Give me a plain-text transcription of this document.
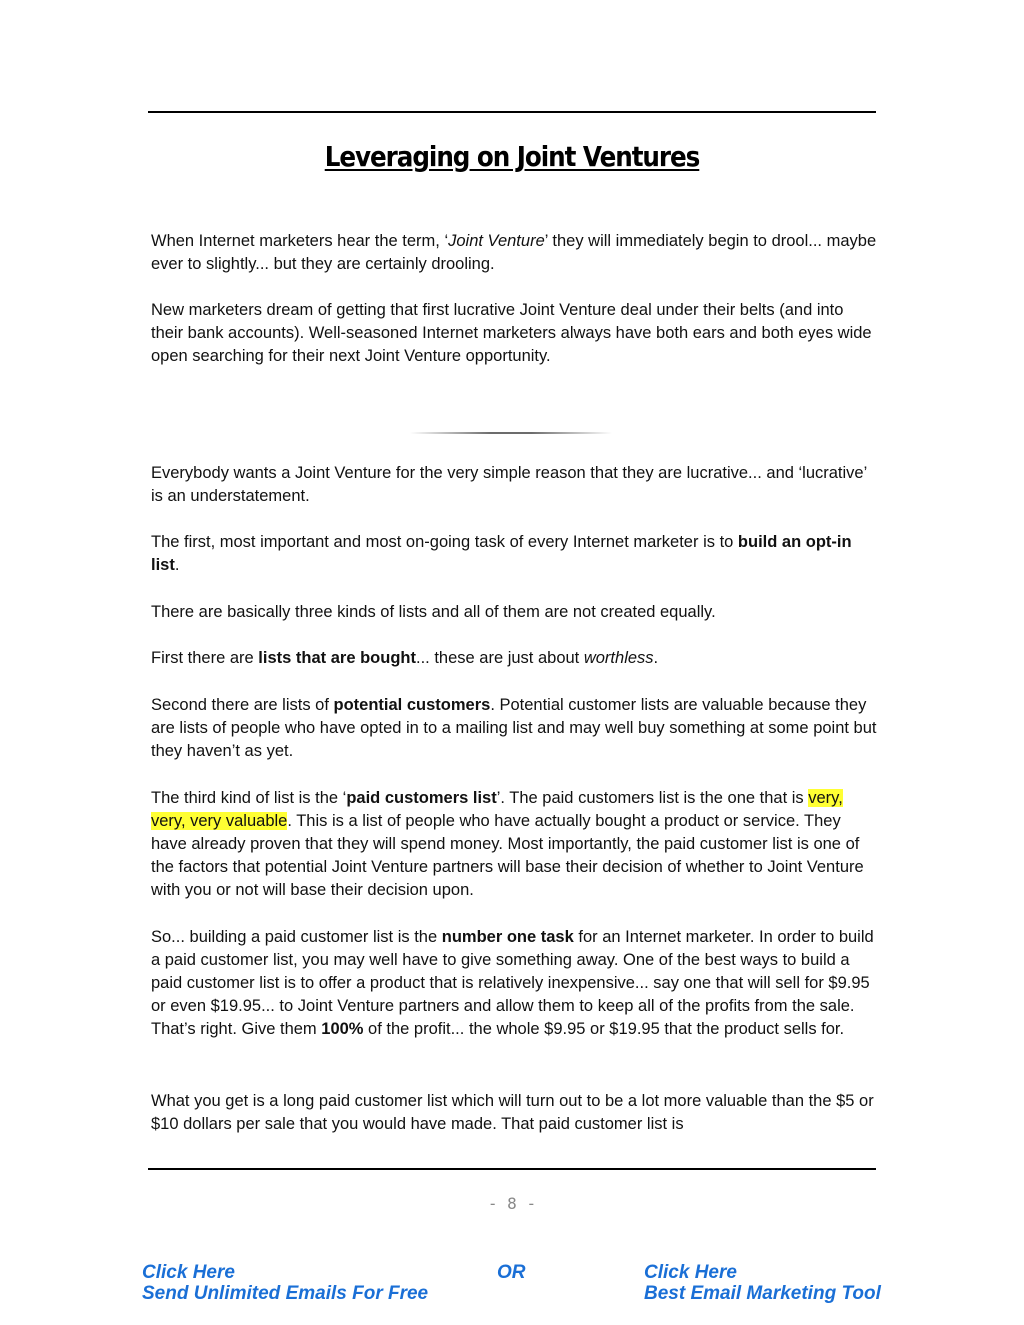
Leveraging on Joint Ventures

When Internet marketers hear the term, ‘Joint Venture’ they will immediately begin to drool... maybe ever to slightly... but they are certainly drooling.

New marketers dream of getting that first lucrative Joint Venture deal under their belts (and into their bank accounts). Well-seasoned Internet marketers always have both ears and both eyes wide open searching for their next Joint Venture opportunity.

Everybody wants a Joint Venture for the very simple reason that they are lucrative... and ‘lucrative’ is an understatement.

The first, most important and most on-going task of every Internet marketer is to build an opt-in list.

There are basically three kinds of lists and all of them are not created equally.

First there are lists that are bought... these are just about worthless.

Second there are lists of potential customers. Potential customer lists are valuable because they are lists of people who have opted in to a mailing list and may well buy something at some point but they haven’t as yet.

The third kind of list is the ‘paid customers list’. The paid customers list is the one that is very, very, very valuable. This is a list of people who have actually bought a product or service. They have already proven that they will spend money. Most importantly, the paid customer list is one of the factors that potential Joint Venture partners will base their decision of whether to Joint Venture with you or not will base their decision upon.

So... building a paid customer list is the number one task for an Internet marketer. In order to build a paid customer list, you may well have to give something away. One of the best ways to build a paid customer list is to offer a product that is relatively inexpensive... say one that will sell for $9.95 or even $19.95... to Joint Venture partners and allow them to keep all of the profits from the sale. That’s right. Give them 100% of the profit... the whole $9.95 or $19.95 that the product sells for.

What you get is a long paid customer list which will turn out to be a lot more valuable than the $5 or $10 dollars per sale that you would have made. That paid customer list is

- 8 -
Click Here
Send Unlimited Emails For Free
OR	Click Here
Best Email Marketing Tool
